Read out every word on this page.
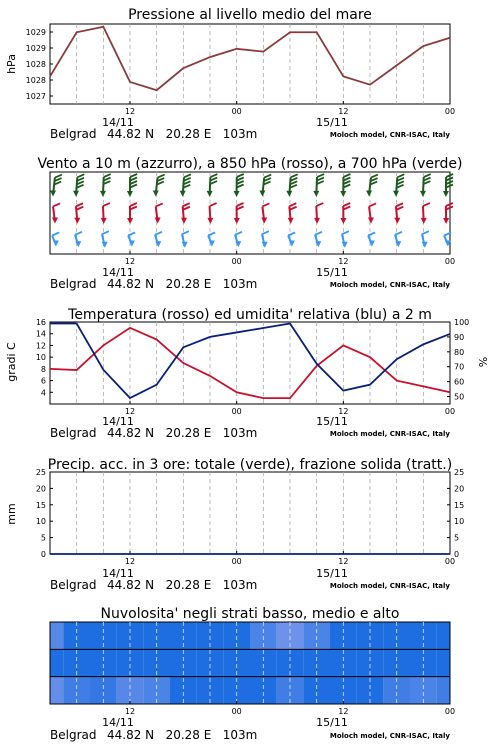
Pressione al livello medio del mare
hPa
1027
1028
1028
1029
1029
12	00	12	00
14/11	15/11
Belgrad 44.82 N   20.28 E   103m	Moloch model, CNR-ISAC, Italy
Vento a 10 m (azzurro), a 850 hPa (rosso), a 700 hPa (verde)
12	00	12	00
14/11	15/11
Belgrad 44.82 N   20.28 E   103m	Moloch model, CNR-ISAC, Italy
Temperatura (rosso) ed umidita' relativa (blu) a 2 m
gradi C	%
4
6
8
10
12
14
16
50
60
70
80
90
100
12	00	12	00
14/11	15/11
Belgrad 44.82 N   20.28 E   103m	Moloch model, CNR-ISAC, Italy
Precip. acc. in 3 ore: totale (verde), frazione solida (tratt.)
mm
0
5
10
15
20
25
0
5
10
15
20
25
12	00	12	00
14/11	15/11
Belgrad 44.82 N   20.28 E   103m	Moloch model, CNR-ISAC, Italy
Nuvolosita' negli strati basso, medio e alto
12	00	12	00
14/11	15/11
Belgrad 44.82 N   20.28 E   103m	Moloch model, CNR-ISAC, Italy
